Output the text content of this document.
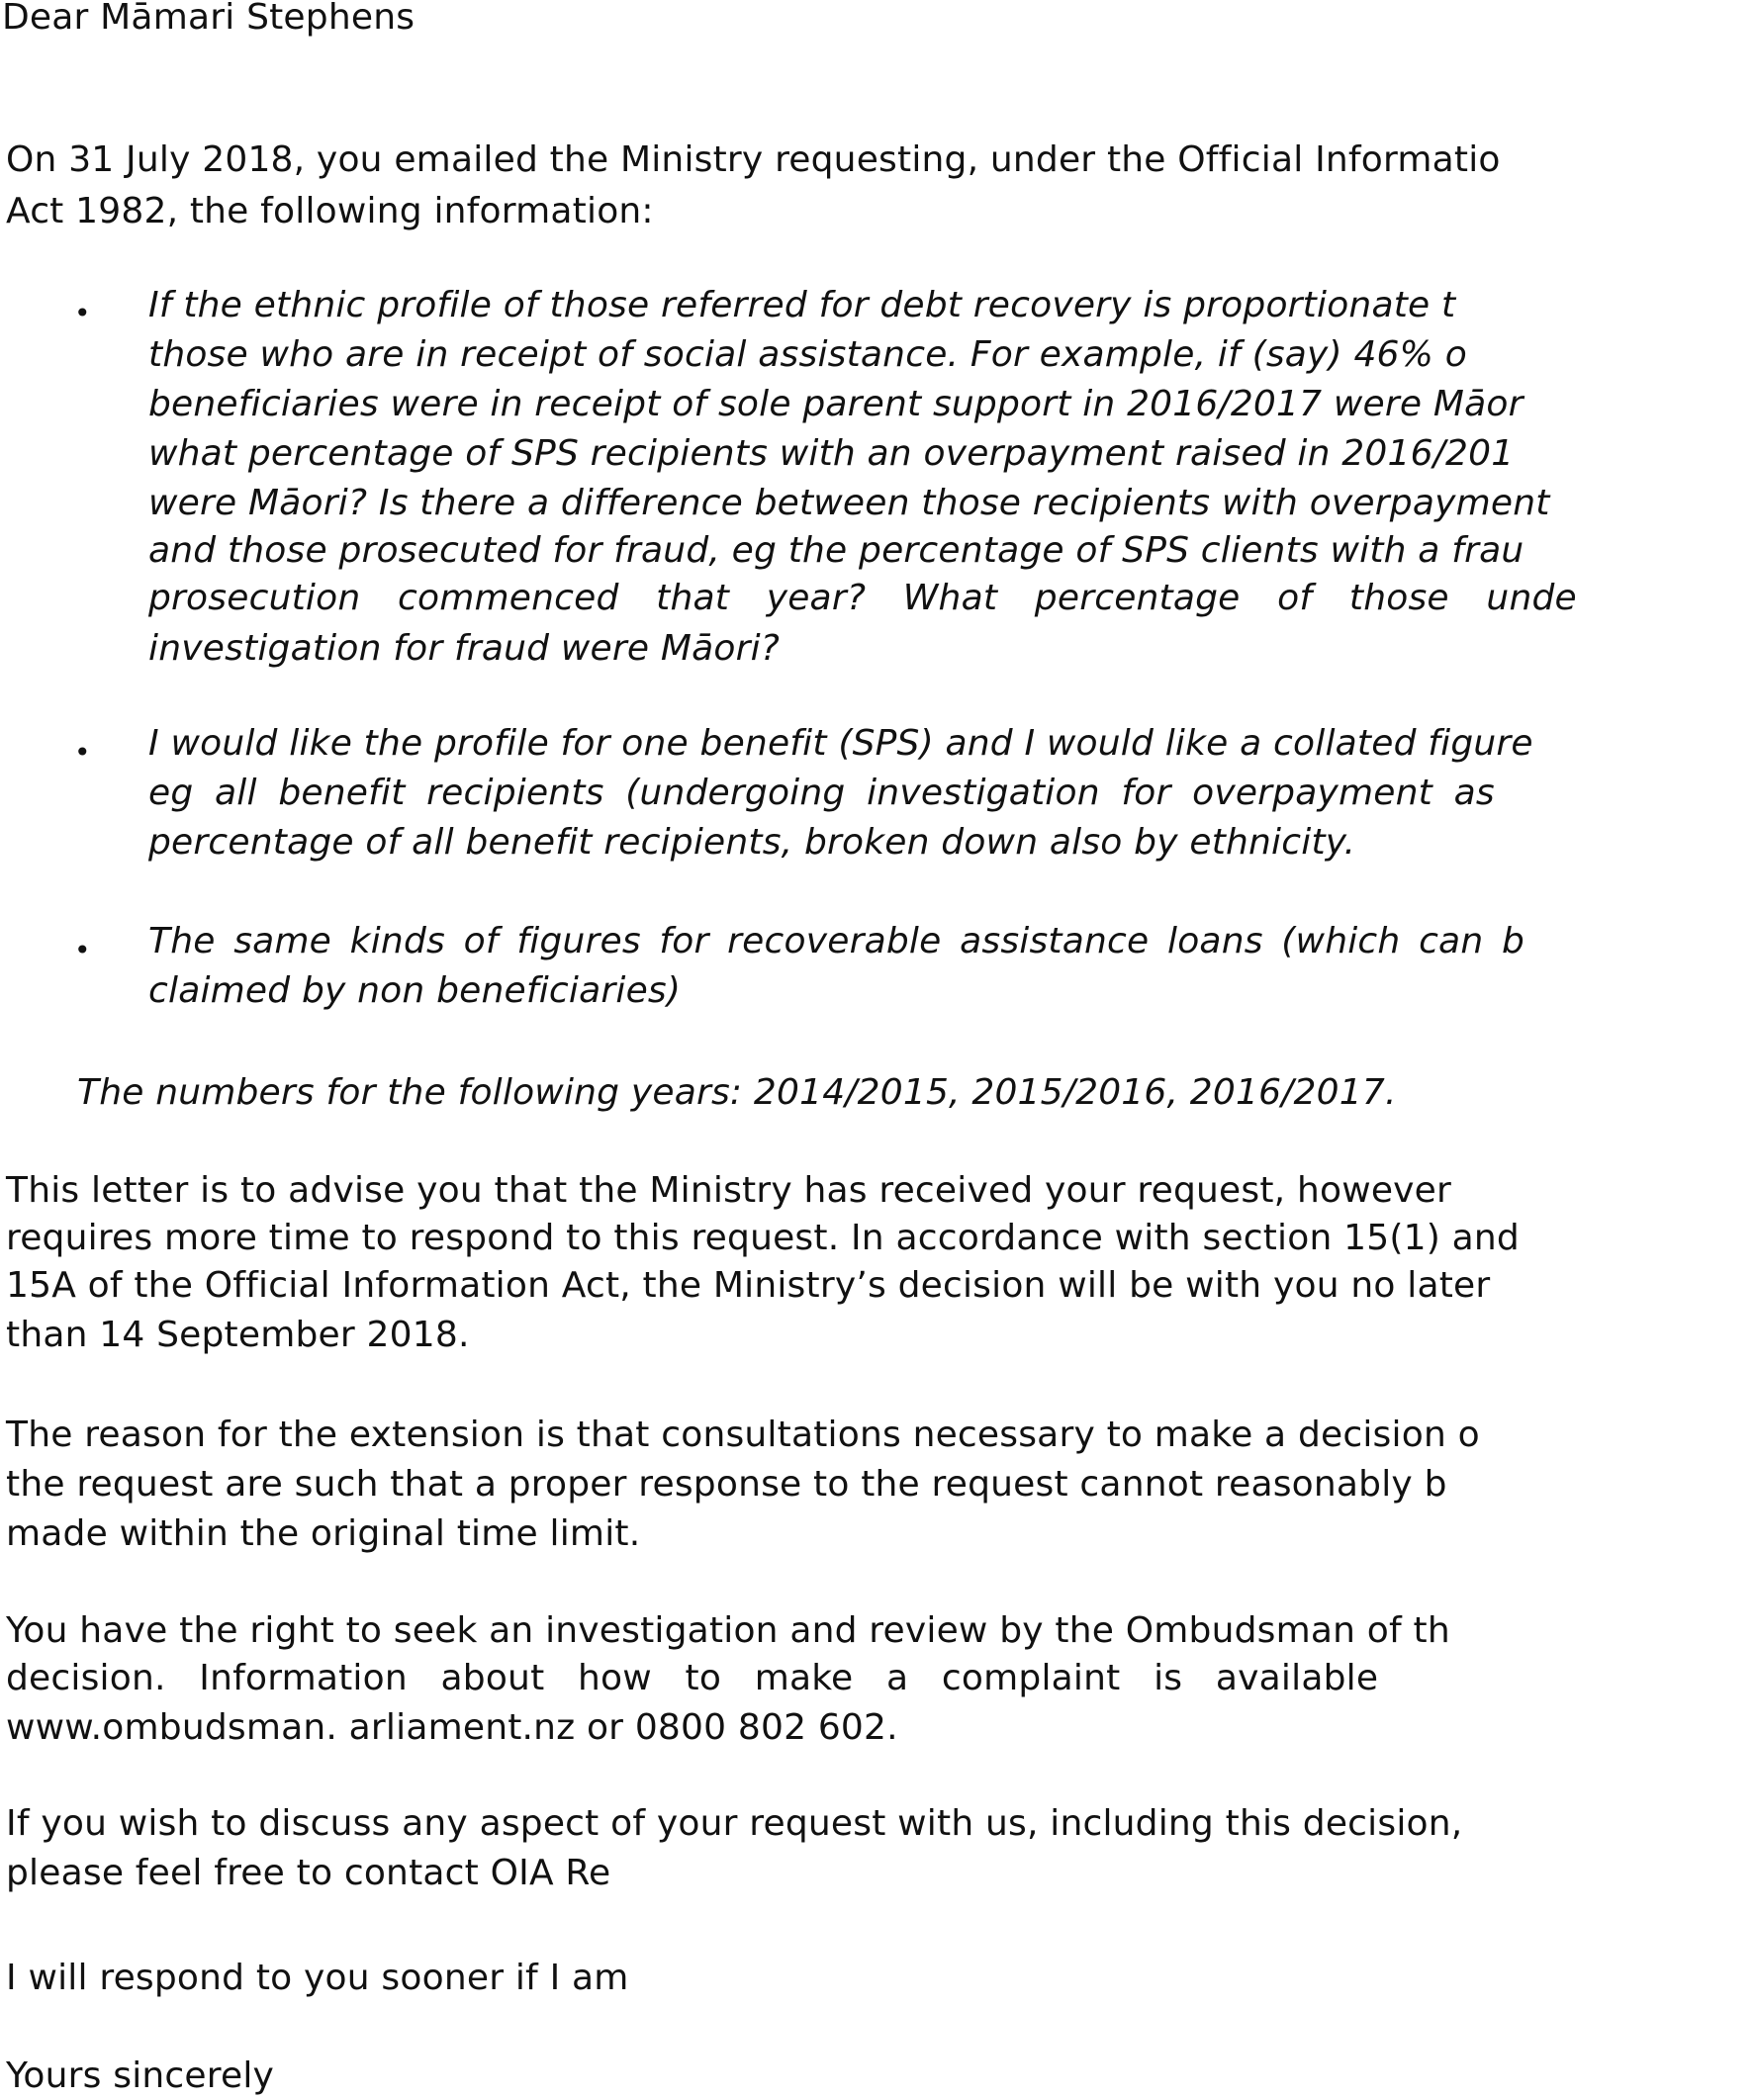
Dear Māmari Stephens
On 31 July 2018, you emailed the Ministry requesting, under the Official Informatio
Act 1982, the following information:
• If the ethnic profile of those referred for debt recovery is proportionate t
those who are in receipt of social assistance. For example, if (say) 46% o
beneficiaries were in receipt of sole parent support in 2016/2017 were Māor
what percentage of SPS recipients with an overpayment raised in 2016/201
were Māori? Is there a difference between those recipients with overpayment
and those prosecuted for fraud, eg the percentage of SPS clients with a frau
prosecution commenced that year? What percentage of those unde
investigation for fraud were Māori?
• I would like the profile for one benefit (SPS) and I would like a collated figure
eg all benefit recipients (undergoing investigation for overpayment as
percentage of all benefit recipients, broken down also by ethnicity.
• The same kinds of figures for recoverable assistance loans (which can b
claimed by non beneficiaries)
The numbers for the following years: 2014/2015, 2015/2016, 2016/2017.
This letter is to advise you that the Ministry has received your request, however
requires more time to respond to this request. In accordance with section 15(1) and
15A of the Official Information Act, the Ministry’s decision will be with you no later
than 14 September 2018.
The reason for the extension is that consultations necessary to make a decision o
the request are such that a proper response to the request cannot reasonably b
made within the original time limit.
You have the right to seek an investigation and review by the Ombudsman of th
decision. Information about how to make a complaint is available
www.ombudsman. arliament.nz or 0800 802 602.
If you wish to discuss any aspect of your request with us, including this decision,
please feel free to contact OIA Re
I will respond to you sooner if I am
Yours sincerely
